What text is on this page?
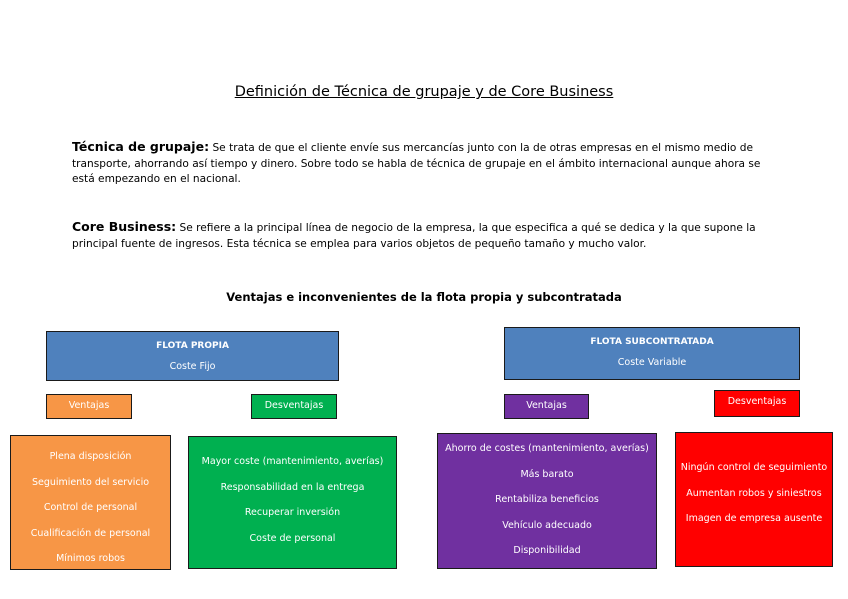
Definición de Técnica de grupaje y de Core Business
Técnica de grupaje: Se trata de que el cliente envíe sus mercancías junto con la de otras empresas en el mismo medio de transporte, ahorrando así tiempo y dinero. Sobre todo se habla de técnica de grupaje en el ámbito internacional aunque ahora se está empezando en el nacional.
Core Business: Se refiere a la principal línea de negocio de la empresa, la que especifica a qué se dedica y la que supone la principal fuente de ingresos. Esta técnica se emplea para varios objetos de pequeño tamaño y mucho valor.
Ventajas e inconvenientes de la flota propia y subcontratada
FLOTA PROPIA
Coste Fijo
Ventajas	Desventajas
Plena disposición
Seguimiento del servicio
Control de personal
Cualificación de personal
Mínimos robos
Mayor coste (mantenimiento, averías)
Responsabilidad en la entrega
Recuperar inversión
Coste de personal
FLOTA SUBCONTRATADA
Coste Variable
Ventajas	Desventajas
Ahorro de costes (mantenimiento, averías)
Más barato
Rentabiliza beneficios
Vehículo adecuado
Disponibilidad
Ningún control de seguimiento
Aumentan robos y siniestros
Imagen de empresa ausente
